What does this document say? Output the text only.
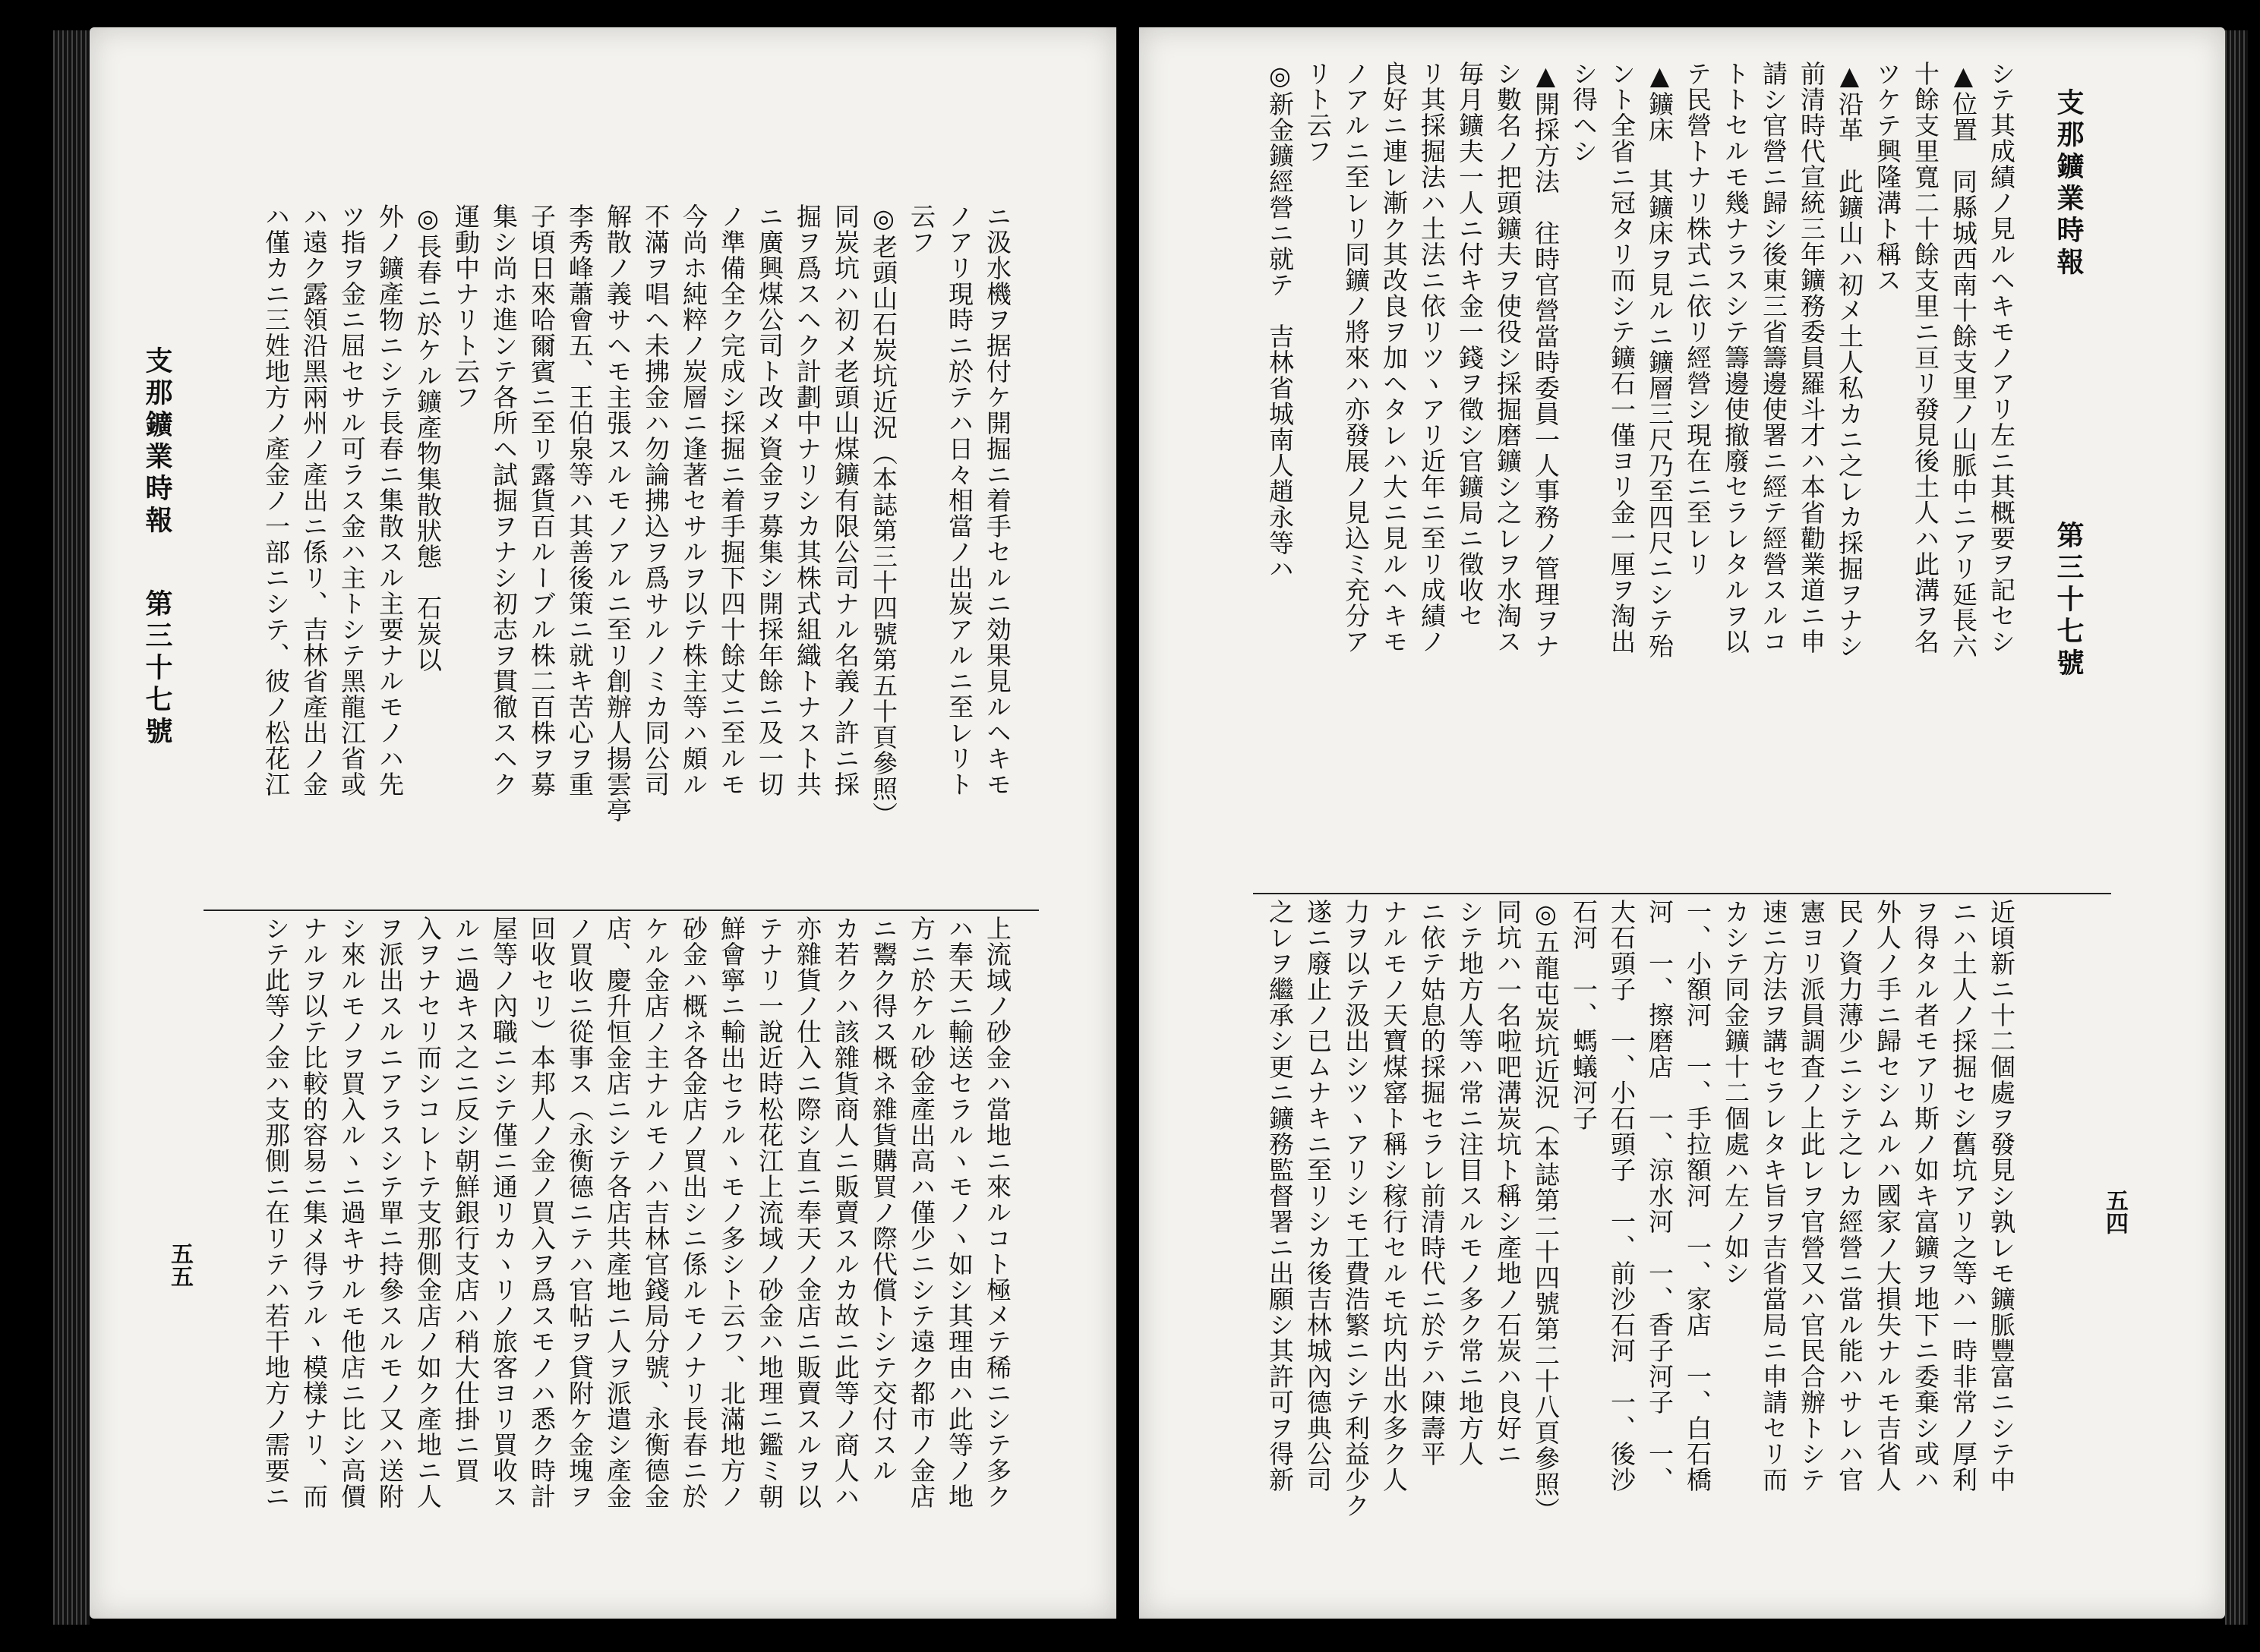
ニ汲水機ヲ据付ケ開掘ニ着手セルニ効果見ルヘキモ
ノアリ現時ニ於テハ日々相當ノ出炭アルニ至レリト
云フ
◎老頭山石炭坑近況（本誌第三十四號第五十頁參照）
同炭坑ハ初メ老頭山煤鑛有限公司ナル名義ノ許ニ採
掘ヲ爲スヘク計劃中ナリシカ其株式組織トナスト共
ニ廣興煤公司ト改メ資金ヲ募集シ開採年餘ニ及一切
ノ準備全ク完成シ採掘ニ着手掘下四十餘丈ニ至ルモ
今尚ホ純粹ノ炭層ニ逢著セサルヲ以テ株主等ハ頗ル
不滿ヲ唱ヘ未拂金ハ勿論拂込ヲ爲サルノミカ同公司
解散ノ義サヘモ主張スルモノアルニ至リ創辦人揚雲亭
李秀峰蕭會五、王伯泉等ハ其善後策ニ就キ苦心ヲ重
子頃日來哈爾賓ニ至リ露貨百ルーブル株二百株ヲ募
集シ尚ホ進ンテ各所ヘ試掘ヲナシ初志ヲ貫徹スヘク
運動中ナリト云フ
◎長春ニ於ケル鑛產物集散狀態　石炭以
外ノ鑛產物ニシテ長春ニ集散スル主要ナルモノハ先
ツ指ヲ金ニ屈セサル可ラス金ハ主トシテ黑龍江省或
ハ遠ク露領沿黑兩州ノ產出ニ係リ、吉林省產出ノ金
ハ僅カニ三姓地方ノ產金ノ一部ニシテ、彼ノ松花江
上流域ノ砂金ハ當地ニ來ルコト極メテ稀ニシテ多ク
ハ奉天ニ輸送セラルヽモノヽ如シ其理由ハ此等ノ地
方ニ於ケル砂金產出高ハ僅少ニシテ遠ク都市ノ金店
ニ鬻ク得ス概ネ雜貨購買ノ際代償トシテ交付スル
カ若クハ該雜貨商人ニ販賣スルカ故ニ此等ノ商人ハ
亦雜貨ノ仕入ニ際シ直ニ奉天ノ金店ニ販賣スルヲ以
テナリ一說近時松花江上流域ノ砂金ハ地理ニ鑑ミ朝
鮮會寧ニ輸出セラルヽモノ多シト云フ、北滿地方ノ
砂金ハ概ネ各金店ノ買出シニ係ルモノナリ長春ニ於
ケル金店ノ主ナルモノハ吉林官錢局分號、永衡德金
店、慶升恒金店ニシテ各店共產地ニ人ヲ派遣シ產金
ノ買收ニ從事ス（永衡德ニテハ官帖ヲ貸附ケ金塊ヲ
回收セリ）本邦人ノ金ノ買入ヲ爲スモノハ悉ク時計
屋等ノ內職ニシテ僅ニ通リカヽリノ旅客ヨリ買收ス
ルニ過キス之ニ反シ朝鮮銀行支店ハ稍大仕掛ニ買
入ヲナセリ而シコレトテ支那側金店ノ如ク產地ニ人
ヲ派出スルニアラスシテ單ニ持參スルモノ又ハ送附
シ來ルモノヲ買入ルヽニ過キサルモ他店ニ比シ高價
ナルヲ以テ比較的容易ニ集メ得ラルヽ模樣ナリ、而
シテ此等ノ金ハ支那側ニ在リテハ若干地方ノ需要ニ
支那鑛業時報
第三十七號
五五
支那鑛業時報
第三十七號
五四
シテ其成績ノ見ルヘキモノアリ左ニ其概要ヲ記セシ
▲位置　同縣城西南十餘支里ノ山脈中ニアリ延長六
十餘支里寬二十餘支里ニ亘リ發見後土人ハ此溝ヲ名
ツケテ興隆溝ト稱ス
▲沿革　此鑛山ハ初メ土人私カニ之レカ採掘ヲナシ
前清時代宣統三年鑛務委員羅斗才ハ本省勸業道ニ申
請シ官營ニ歸シ後東三省籌邊使署ニ經テ經營スルコ
トトセルモ幾ナラスシテ籌邊使撤廢セラレタルヲ以
テ民營トナリ株式ニ依リ經營シ現在ニ至レリ
▲鑛床　其鑛床ヲ見ルニ鑛層三尺乃至四尺ニシテ殆
ント全省ニ冠タリ而シテ鑛石一僅ヨリ金一厘ヲ淘出
シ得ヘシ
▲開採方法　往時官營當時委員一人事務ノ管理ヲナ
シ數名ノ把頭鑛夫ヲ使役シ採掘磨鑛シ之レヲ水淘ス
毎月鑛夫一人ニ付キ金一錢ヲ徵シ官鑛局ニ徵收セ
リ其採掘法ハ土法ニ依リツヽアリ近年ニ至リ成績ノ
良好ニ連レ漸ク其改良ヲ加ヘタレハ大ニ見ルヘキモ
ノアルニ至レリ同鑛ノ將來ハ亦發展ノ見込ミ充分ア
リト云フ
◎新金鑛經營ニ就テ　吉林省城南人趙永等ハ
近頃新ニ十二個處ヲ發見シ孰レモ鑛脈豐富ニシテ中
ニハ土人ノ採掘セシ舊坑アリ之等ハ一時非常ノ厚利
ヲ得タル者モアリ斯ノ如キ富鑛ヲ地下ニ委棄シ或ハ
外人ノ手ニ歸セシムルハ國家ノ大損失ナルモ吉省人
民ノ資力薄少ニシテ之レカ經營ニ當ル能ハサレハ官
憲ヨリ派員調査ノ上此レヲ官營又ハ官民合辦トシテ
速ニ方法ヲ講セラレタキ旨ヲ吉省當局ニ申請セリ而
カシテ同金鑛十二個處ハ左ノ如シ
一、小額河　一、手拉額河　一、家店　一、白石橋
河　一、擦磨店　一、涼水河　一、香子河子　一、
大石頭子　一、小石頭子　一、前沙石河　一、後沙
石河　一、螞蟻河子
◎五龍屯炭坑近況（本誌第二十四號第二十八頁參照）
同坑ハ一名啦吧溝炭坑ト稱シ產地ノ石炭ハ良好ニ
シテ地方人等ハ常ニ注目スルモノ多ク常ニ地方人
ニ依テ姑息的採掘セラレ前清時代ニ於テハ陳壽平
ナルモノ天寶煤窰ト稱シ稼行セルモ坑内出水多ク人
力ヲ以テ汲出シツヽアリシモ工費浩繁ニシテ利益少ク
遂ニ廢止ノ已ムナキニ至リシカ後吉林城內德典公司
之レヲ繼承シ更ニ鑛務監督署ニ出願シ其許可ヲ得新
